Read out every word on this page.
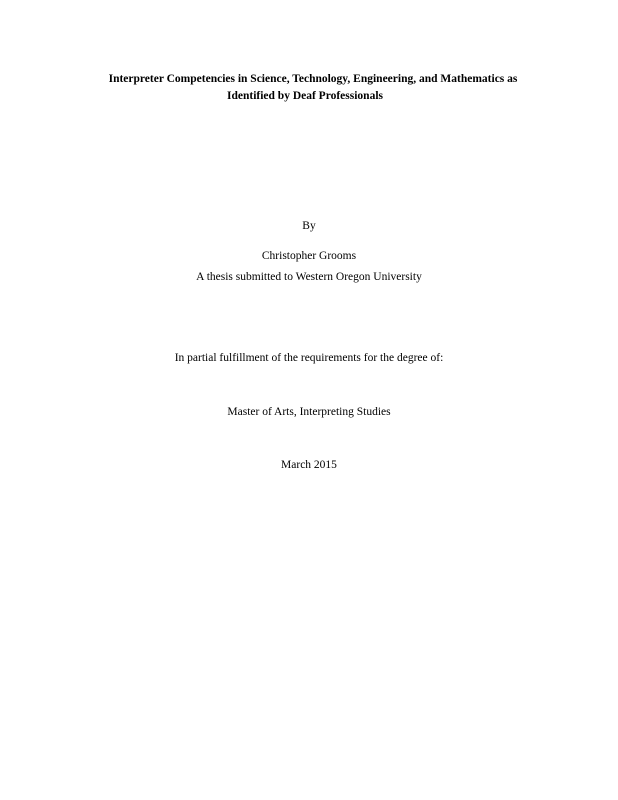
Interpreter Competencies in Science, Technology, Engineering, and Mathematics as
Identified by Deaf Professionals
By
Christopher Grooms
A thesis submitted to Western Oregon University
In partial fulfillment of the requirements for the degree of:
Master of Arts, Interpreting Studies
March 2015
